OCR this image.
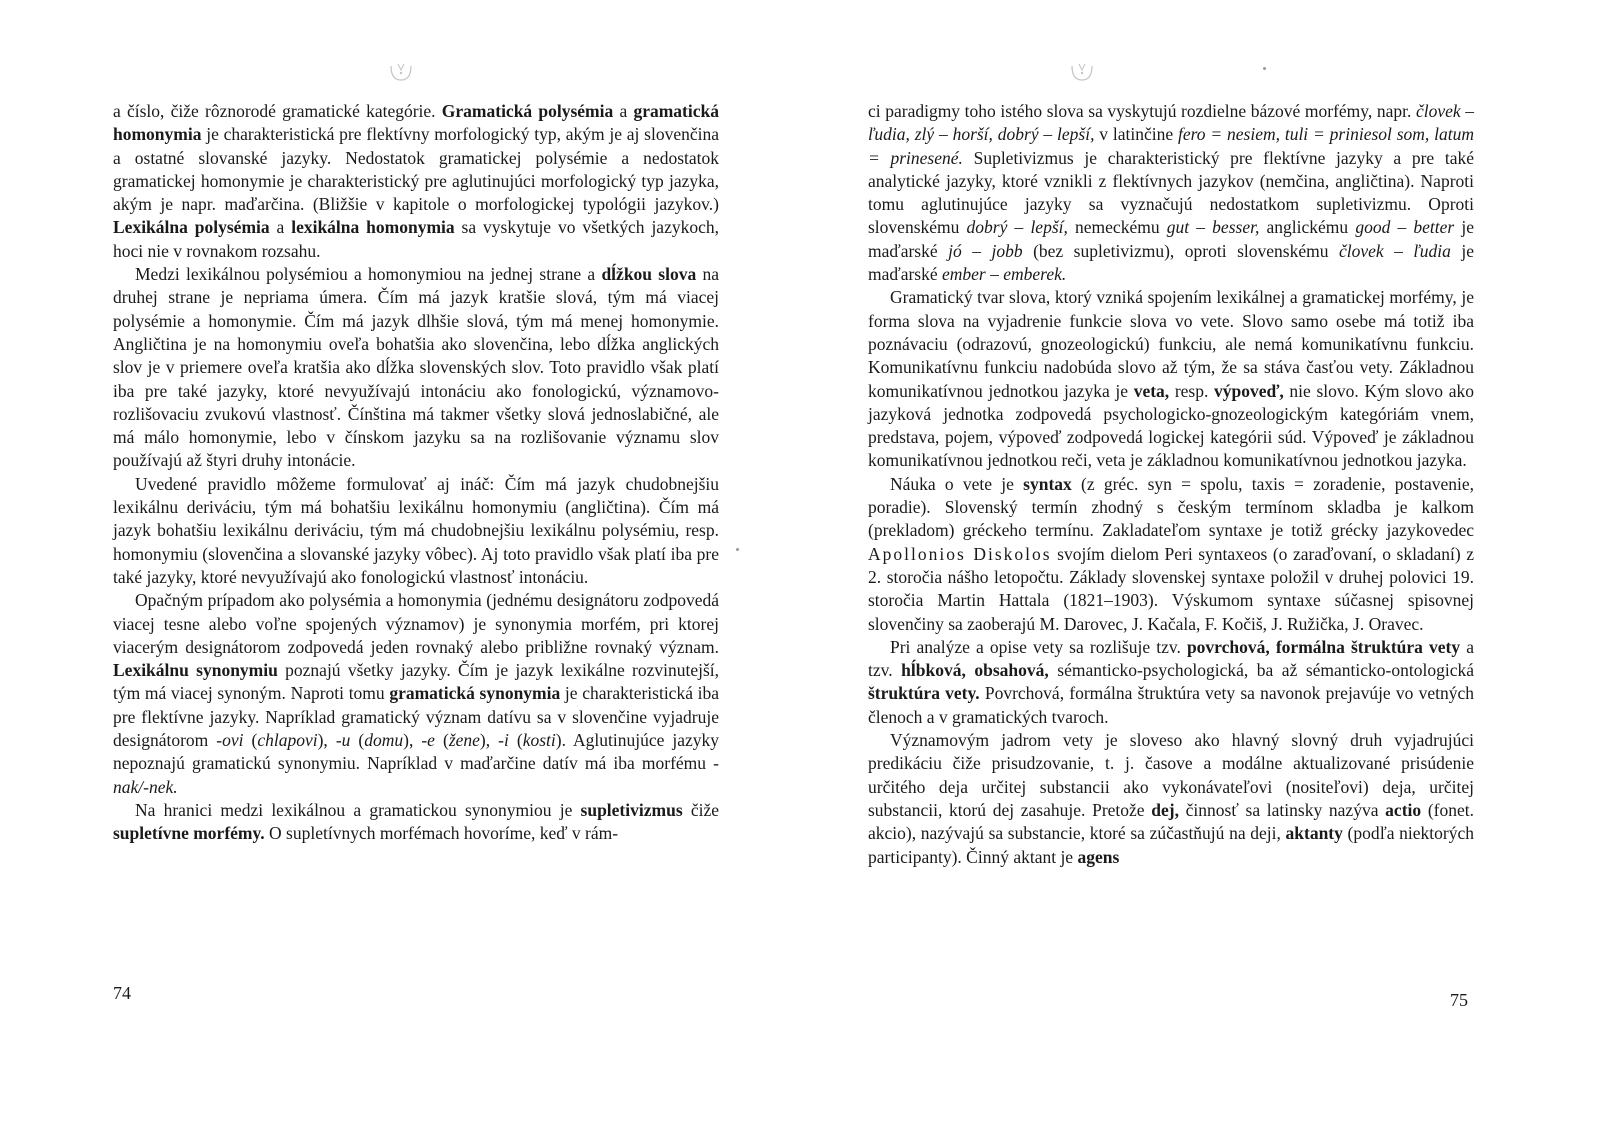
a číslo, čiže rôznorodé gramatické kategórie. Gramatická polysémia a gramatická homonymia je charakteristická pre flektívny morfologický typ, akým je aj slovenčina a ostatné slovanské jazyky. Nedostatok gramatickej polysémie a nedostatok gramatickej homonymie je charakteristický pre aglutinujúci morfologický typ jazyka, akým je napr. maďarčina. (Bližšie v kapitole o morfologickej typológii jazykov.) Lexikálna polysémia a lexikálna homonymia sa vyskytuje vo všetkých jazykoch, hoci nie v rovnakom rozsahu.

Medzi lexikálnou polysémiou a homonymiou na jednej strane a dĺžkou slova na druhej strane je nepriama úmera. Čím má jazyk kratšie slová, tým má viacej polysémie a homonymie. Čím má jazyk dlhšie slová, tým má menej homonymie. Angličtina je na homonymiu oveľa bohatšia ako slovenčina, lebo dĺžka anglických slov je v priemere oveľa kratšia ako dĺžka slovenských slov. Toto pravidlo však platí iba pre také jazyky, ktoré nevyužívajú intonáciu ako fonologickú, významovo-rozlišovaciu zvukovú vlastnosť. Čínština má takmer všetky slová jednoslabičné, ale má málo homonymie, lebo v čínskom jazyku sa na rozlišovanie významu slov používajú až štyri druhy intonácie.

Uvedené pravidlo môžeme formulovať aj ináč: Čím má jazyk chudobnejšiu lexikálnu deriváciu, tým má bohatšiu lexikálnu homonymiu (angličtina). Čím má jazyk bohatšiu lexikálnu deriváciu, tým má chudobnejšiu lexikálnu polysémiu, resp. homonymiu (slovenčina a slovanské jazyky vôbec). Aj toto pravidlo však platí iba pre také jazyky, ktoré nevyužívajú ako fonologickú vlastnosť intonáciu.

Opačným prípadom ako polysémia a homonymia (jednému designátoru zodpovedá viacej tesne alebo voľne spojených významov) je synonymia morfém, pri ktorej viacerým designátorom zodpovedá jeden rovnaký alebo približne rovnaký význam. Lexikálnu synonymiu poznajú všetky jazyky. Čím je jazyk lexikálne rozvinutejší, tým má viacej synoným. Naproti tomu gramatická synonymia je charakteristická iba pre flektívne jazyky. Napríklad gramatický význam datívu sa v slovenčine vyjadruje designátorom -ovi (chlapovi), -u (domu), -e (žene), -i (kosti). Aglutinujúce jazyky nepoznajú gramatickú synonymiu. Napríklad v maďarčine datív má iba morfému -nak/-nek.

Na hranici medzi lexikálnou a gramatickou synonymiou je supletivizmus čiže supletívne morfémy. O supletívnych morfémach hovoríme, keď v rám-

ci paradigmy toho istého slova sa vyskytujú rozdielne bázové morfémy, napr. človek – ľudia, zlý – horší, dobrý – lepší, v latinčine fero = nesiem, tuli = priniesol som, latum = prinesené. Supletivizmus je charakteristický pre flektívne jazyky a pre také analytické jazyky, ktoré vznikli z flektívnych jazykov (nemčina, angličtina). Naproti tomu aglutinujúce jazyky sa vyznačujú nedostatkom supletivizmu. Oproti slovenskému dobrý – lepší, nemeckému gut – besser, anglickému good – better je maďarské jó – jobb (bez supletivizmu), oproti slovenskému človek – ľudia je maďarské ember – emberek.

Gramatický tvar slova, ktorý vzniká spojením lexikálnej a gramatickej morfémy, je forma slova na vyjadrenie funkcie slova vo vete. Slovo samo osebe má totiž iba poznávaciu (odrazovú, gnozeologickú) funkciu, ale nemá komunikatívnu funkciu. Komunikatívnu funkciu nadobúda slovo až tým, že sa stáva časťou vety. Základnou komunikatívnou jednotkou jazyka je veta, resp. výpoveď, nie slovo. Kým slovo ako jazyková jednotka zodpovedá psychologicko-gnozeologickým kategóriám vnem, predstava, pojem, výpoveď zodpovedá logickej kategórii súd. Výpoveď je základnou komunikatívnou jednotkou reči, veta je základnou komunikatívnou jednotkou jazyka.

Náuka o vete je syntax (z gréc. syn = spolu, taxis = zoradenie, postavenie, poradie). Slovenský termín zhodný s českým termínom skladba je kalkom (prekladom) gréckeho termínu. Zakladateľom syntaxe je totiž grécky jazykovedec Apollonios Diskolos svojím dielom Peri syntaxeos (o zaraďovaní, o skladaní) z 2. storočia nášho letopočtu. Základy slovenskej syntaxe položil v druhej polovici 19. storočia Martin Hattala (1821–1903). Výskumom syntaxe súčasnej spisovnej slovenčiny sa zaoberajú M. Darovec, J. Kačala, F. Kočiš, J. Ružička, J. Oravec.

Pri analýze a opise vety sa rozlišuje tzv. povrchová, formálna štruktúra vety a tzv. hĺbková, obsahová, sémanticko-psychologická, ba až sémanticko-ontologická štruktúra vety. Povrchová, formálna štruktúra vety sa navonok prejavúje vo vetných členoch a v gramatických tvaroch.

Významovým jadrom vety je sloveso ako hlavný slovný druh vyjadrujúci predikáciu čiže prisudzovanie, t. j. časove a modálne aktualizované prisúdenie určitého deja určitej substancii ako vykonávateľovi (nositeľovi) deja, určitej substancii, ktorú dej zasahuje. Pretože dej, činnosť sa latinsky nazýva actio (fonet. akcio), nazývajú sa substancie, ktoré sa zúčastňujú na deji, aktanty (podľa niektorých participanty). Činný aktant je agens

74	75
